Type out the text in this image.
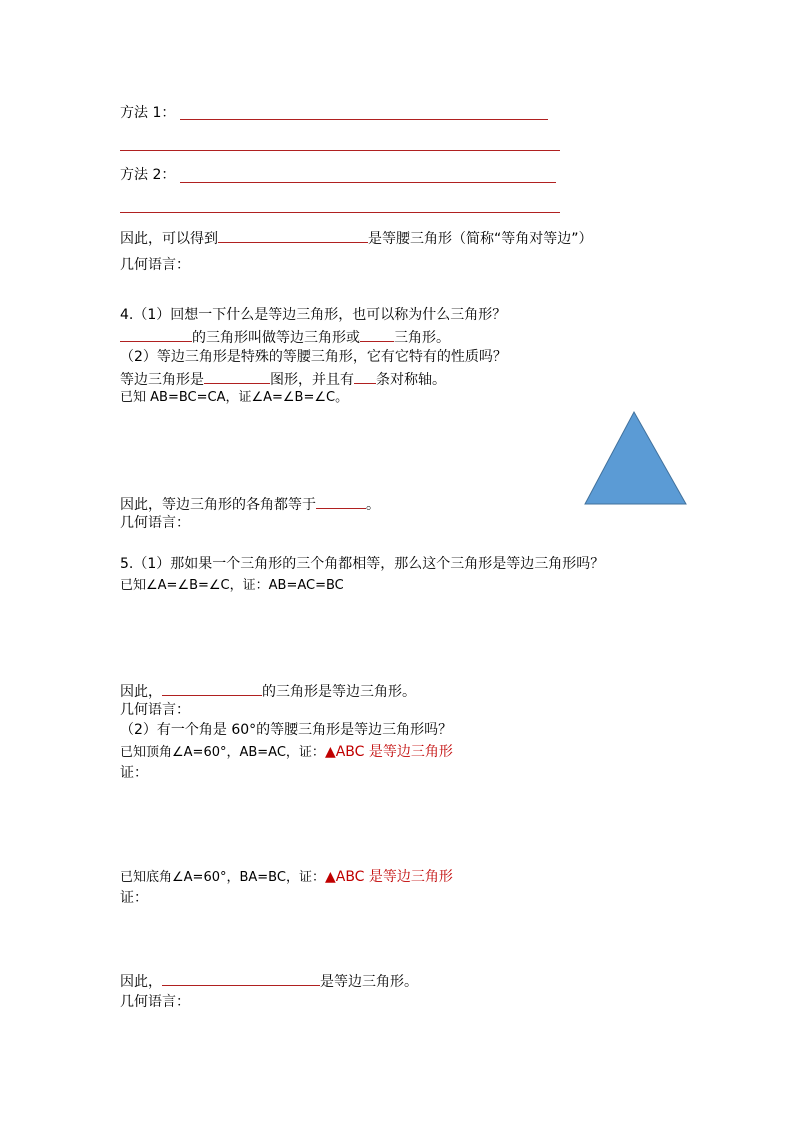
方法 1：
方法 2：
因此，可以得到	是等腰三角形（简称“等角对等边”）
几何语言：
4.（1）回想一下什么是等边三角形，也可以称为什么三角形？
的三角形叫做等边三角形或 三角形。
（2）等边三角形是特殊的等腰三角形，它有它特有的性质吗？
等边三角形是	图形，并且有 条对称轴。
已知 AB=BC=CA，证∠A=∠B=∠C。
因此，等边三角形的各角都等于	。
几何语言：
5.（1）那如果一个三角形的三个角都相等，那么这个三角形是等边三角形吗？
已知∠A=∠B=∠C，证：AB=AC=BC
因此，	的三角形是等边三角形。
几何语言：
（2）有一个角是 60°的等腰三角形是等边三角形吗？
已知顶角∠A=60°，AB=AC，证：▲ABC 是等边三角形
证：
已知底角∠A=60°，BA=BC，证：▲ABC 是等边三角形
证：
因此，	是等边三角形。
几何语言：
